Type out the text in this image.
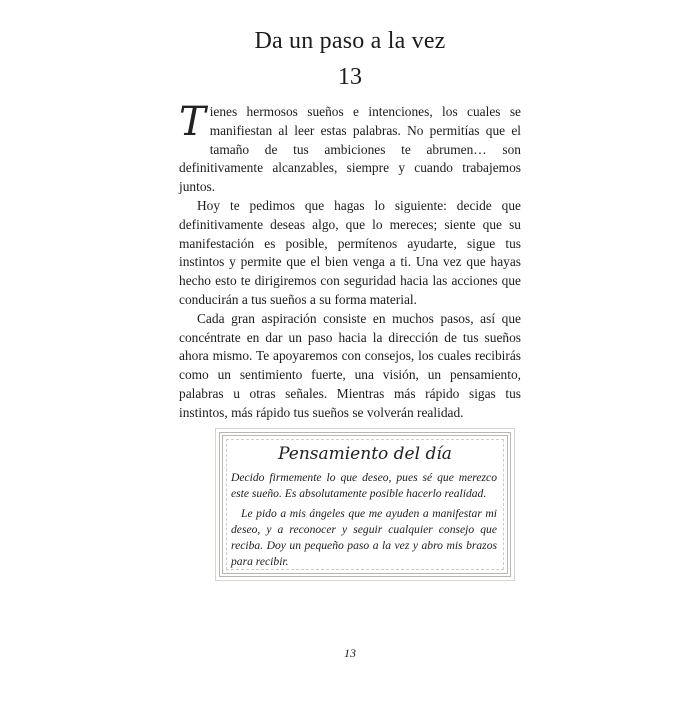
Da un paso a la vez
13

Tienes hermosos sueños e intenciones, los cuales se manifiestan al leer estas palabras. No permitías que el tamaño de tus ambiciones te abrumen… son definitivamente alcanzables, siempre y cuando trabajemos juntos.

Hoy te pedimos que hagas lo siguiente: decide que definitivamente deseas algo, que lo mereces; siente que su manifestación es posible, permítenos ayudarte, sigue tus instintos y permite que el bien venga a ti. Una vez que hayas hecho esto te dirigiremos con seguridad hacia las acciones que conducirán a tus sueños a su forma material.

Cada gran aspiración consiste en muchos pasos, así que concéntrate en dar un paso hacia la dirección de tus sueños ahora mismo. Te apoyaremos con consejos, los cuales recibirás como un sentimiento fuerte, una visión, un pensamiento, palabras u otras señales. Mientras más rápido sigas tus instintos, más rápido tus sueños se volverán realidad.

Pensamiento del día

Decido firmemente lo que deseo, pues sé que merezco este sueño. Es absolutamente posible hacerlo realidad.

Le pido a mis ángeles que me ayuden a manifestar mi deseo, y a reconocer y seguir cualquier consejo que reciba. Doy un pequeño paso a la vez y abro mis brazos para recibir.

13
